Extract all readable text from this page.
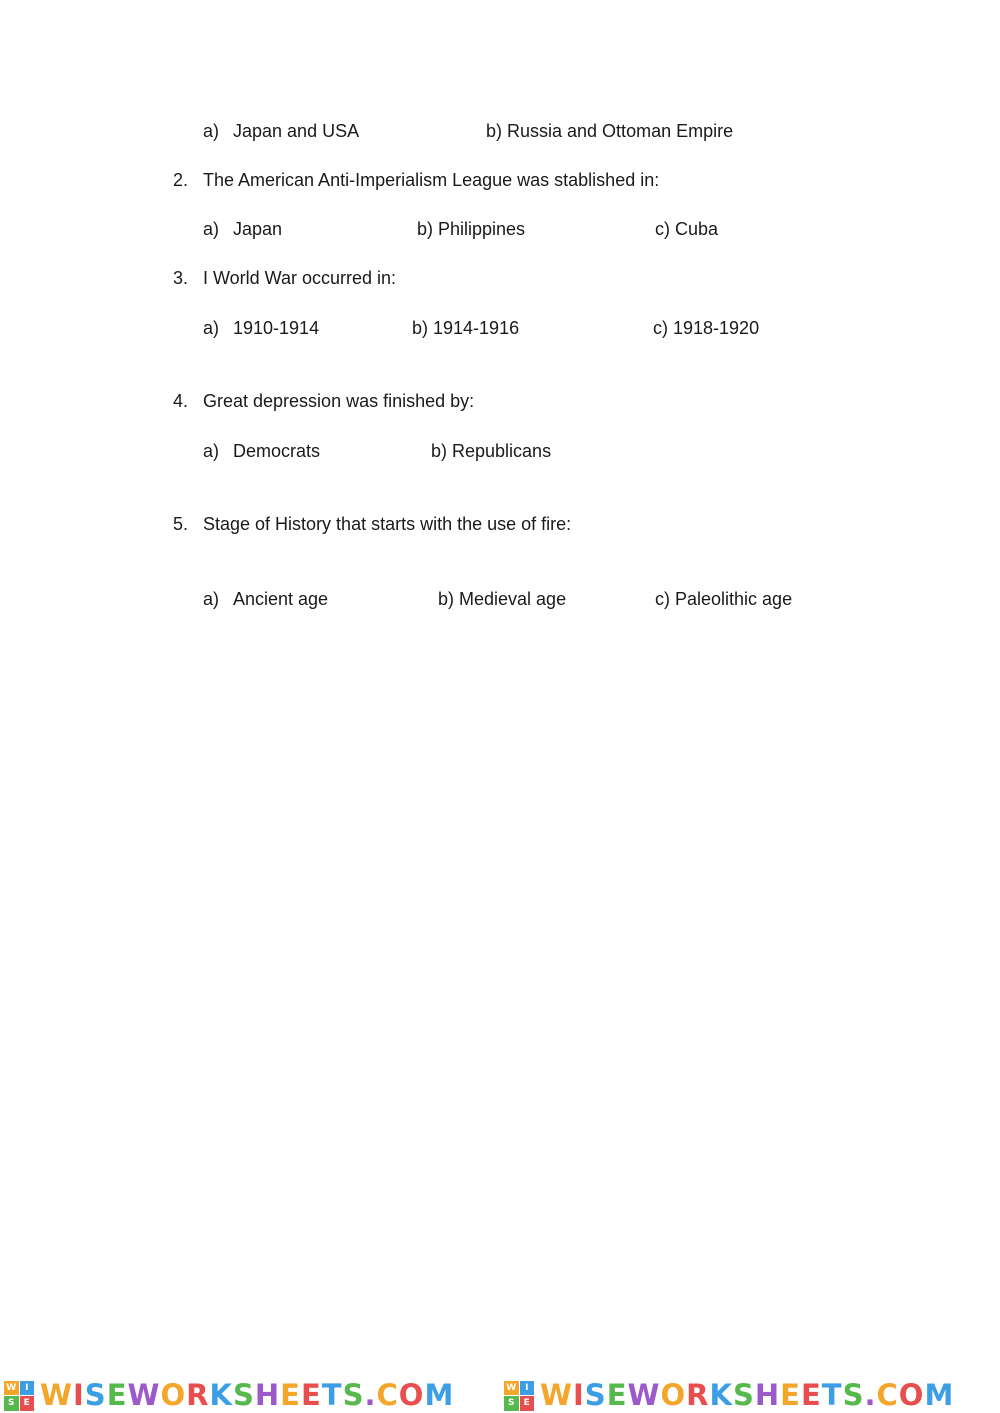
a) Japan and USA	b) Russia and Ottoman Empire
2. The American Anti-Imperialism League was stablished in:
a) Japan	b) Philippines	c) Cuba
3. I World War occurred in:
a) 1910-1914	b) 1914-1916	c) 1918-1920
4. Great depression was finished by:
a) Democrats	b) Republicans
5. Stage of History that starts with the use of fire:
a) Ancient age	b) Medieval age	c) Paleolithic age
W I
S	E WISEWORKSHEETS.COM	W I
S	E WISEWORKSHEETS.COM
